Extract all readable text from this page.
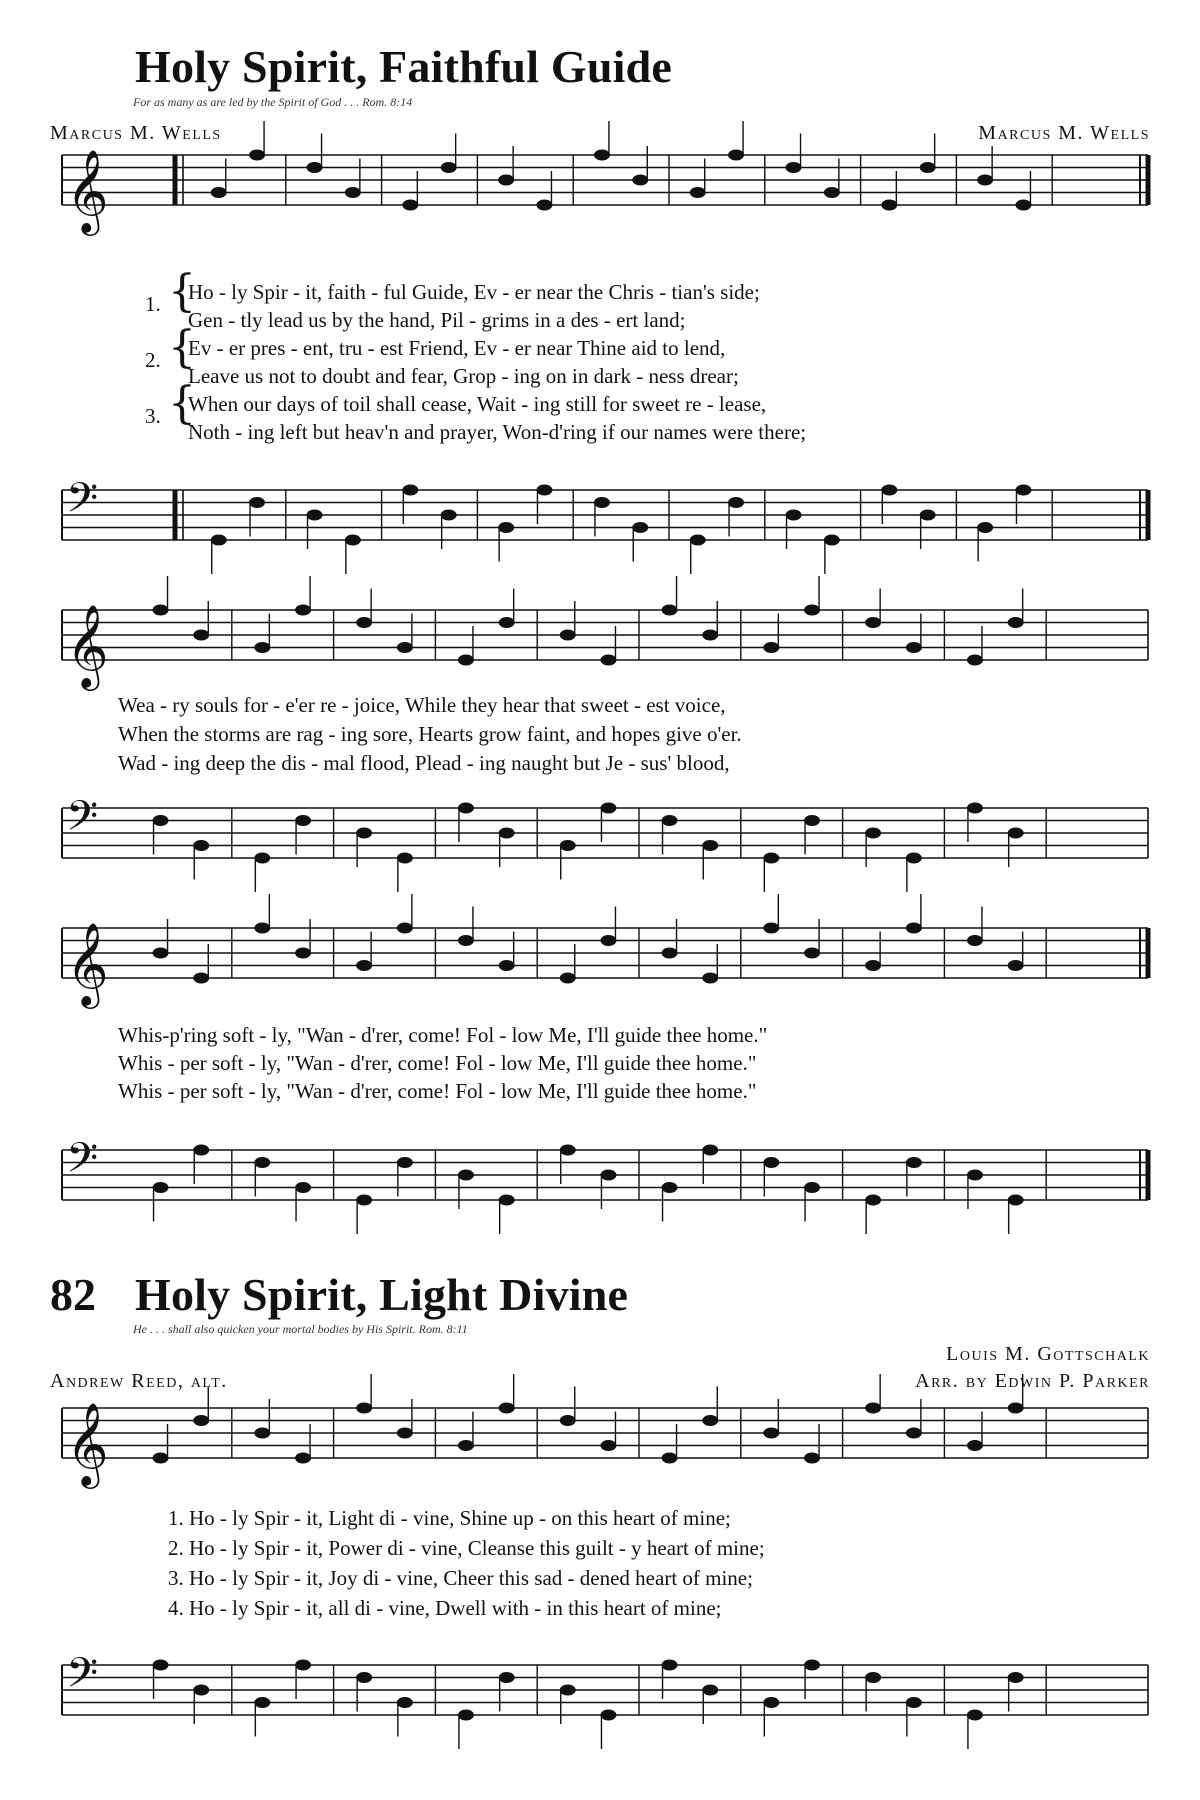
Holy Spirit, Faithful Guide
For as many as are led by the Spirit of God . . . Rom. 8:14
Marcus M. Wells	Marcus M. Wells
𝄞
1. {
Ho - ly Spir - it, faith - ful Guide, Ev - er near the Chris - tian's side;
Gen - tly lead us by the hand, Pil - grims in a des - ert land;
2. {
Ev - er pres - ent, tru - est Friend, Ev - er near Thine aid to lend,
Leave us not to doubt and fear, Grop - ing on in dark - ness drear;
3. {
When our days of toil shall cease, Wait - ing still for sweet re - lease,
Noth - ing left but heav'n and prayer, Won-d'ring if our names were there;
𝄢
𝄞
Wea - ry souls for - e'er re - joice, While they hear that sweet - est voice,
When the storms are rag - ing sore, Hearts grow faint, and hopes give o'er.
Wad - ing deep the dis - mal flood, Plead - ing naught but Je - sus' blood,
𝄢
𝄞
Whis-p'ring soft - ly, "Wan - d'rer, come! Fol - low Me, I'll guide thee home."
Whis - per soft - ly, "Wan - d'rer, come! Fol - low Me, I'll guide thee home."
Whis - per soft - ly, "Wan - d'rer, come! Fol - low Me, I'll guide thee home."
𝄢
82 Holy Spirit, Light Divine
He . . . shall also quicken your mortal bodies by His Spirit. Rom. 8:11
Louis M. Gottschalk
Andrew Reed, alt.	Arr. by Edwin P. Parker
𝄞
1. Ho - ly Spir - it, Light di - vine, Shine up - on this heart of mine;
2. Ho - ly Spir - it, Power di - vine, Cleanse this guilt - y heart of mine;
3. Ho - ly Spir - it, Joy di - vine, Cheer this sad - dened heart of mine;
4. Ho - ly Spir - it, all di - vine, Dwell with - in this heart of mine;
𝄢
